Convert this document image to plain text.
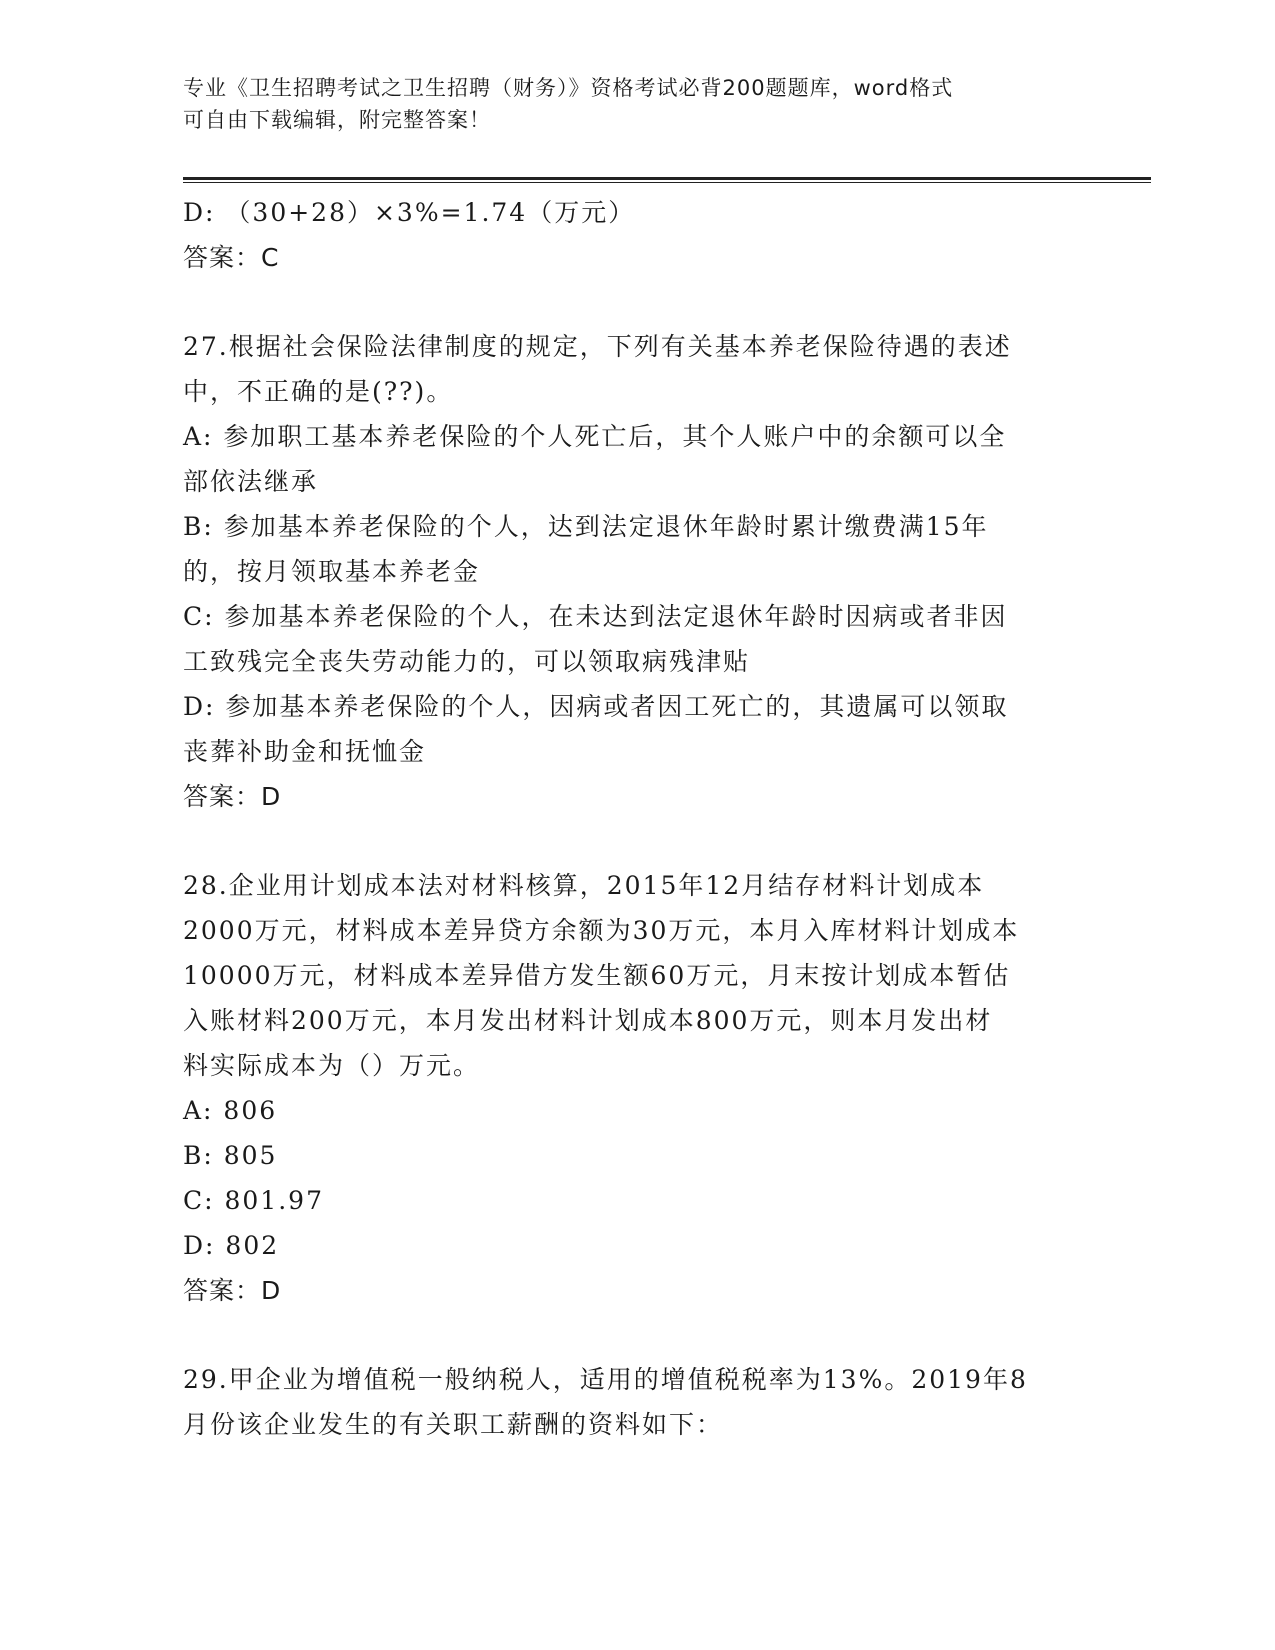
专业《卫生招聘考试之卫生招聘（财务）》资格考试必背200题题库，word格式
可自由下载编辑，附完整答案！
D: （30+28）×3%=1.74（万元）
答案：C
27.根据社会保险法律制度的规定，下列有关基本养老保险待遇的表述
中，不正确的是(??)。
A: 参加职工基本养老保险的个人死亡后，其个人账户中的余额可以全
部依法继承
B: 参加基本养老保险的个人，达到法定退休年龄时累计缴费满15年
的，按月领取基本养老金
C: 参加基本养老保险的个人，在未达到法定退休年龄时因病或者非因
工致残完全丧失劳动能力的，可以领取病残津贴
D: 参加基本养老保险的个人，因病或者因工死亡的，其遗属可以领取
丧葬补助金和抚恤金
答案：D
28.企业用计划成本法对材料核算，2015年12月结存材料计划成本
2000万元，材料成本差异贷方余额为30万元，本月入库材料计划成本
10000万元，材料成本差异借方发生额60万元，月末按计划成本暂估
入账材料200万元，本月发出材料计划成本800万元，则本月发出材
料实际成本为（）万元。
A: 806
B: 805
C: 801.97
D: 802
答案：D
29.甲企业为增值税一般纳税人，适用的增值税税率为13%。2019年8
月份该企业发生的有关职工薪酬的资料如下：
